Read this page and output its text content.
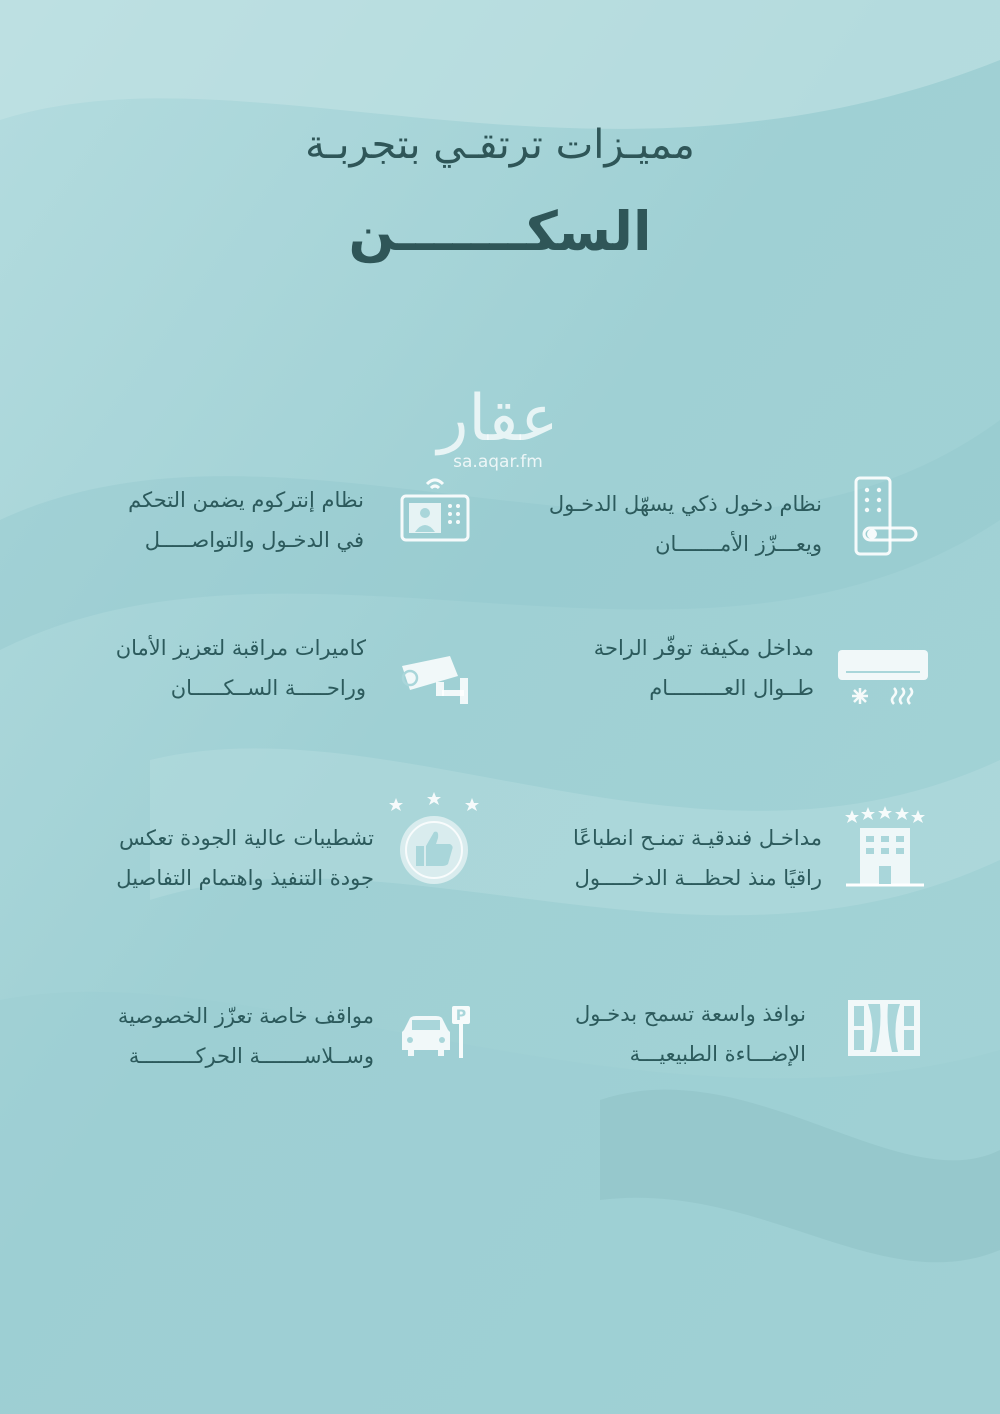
مميـزات ترتقـي بتجربـة
السكـــــــن
عقار
sa.aqar.fm
نظام دخول ذكي يسهّل الدخـول
ويعـــزّز الأمـــــــان
نظام إنتركوم يضمن التحكم
في الدخـول والتواصـــــل
مداخل مكيفة توفّر الراحة
طــوال العـــــــــام
كاميرات مراقبة لتعزيز الأمان
وراحـــــة الســكـــــان
مداخـل فندقيـة تمنـح انطباعًا
راقيًا منذ لحظـــة الدخـــــول
تشطيبات عالية الجودة تعكس
جودة التنفيذ واهتمام التفاصيل
نوافذ واسعة تسمح بدخـول
الإضـــاءة الطبيعيـــة
P
مواقف خاصة تعزّز الخصوصية
وســلاســـــــة الحركـــــــــة
